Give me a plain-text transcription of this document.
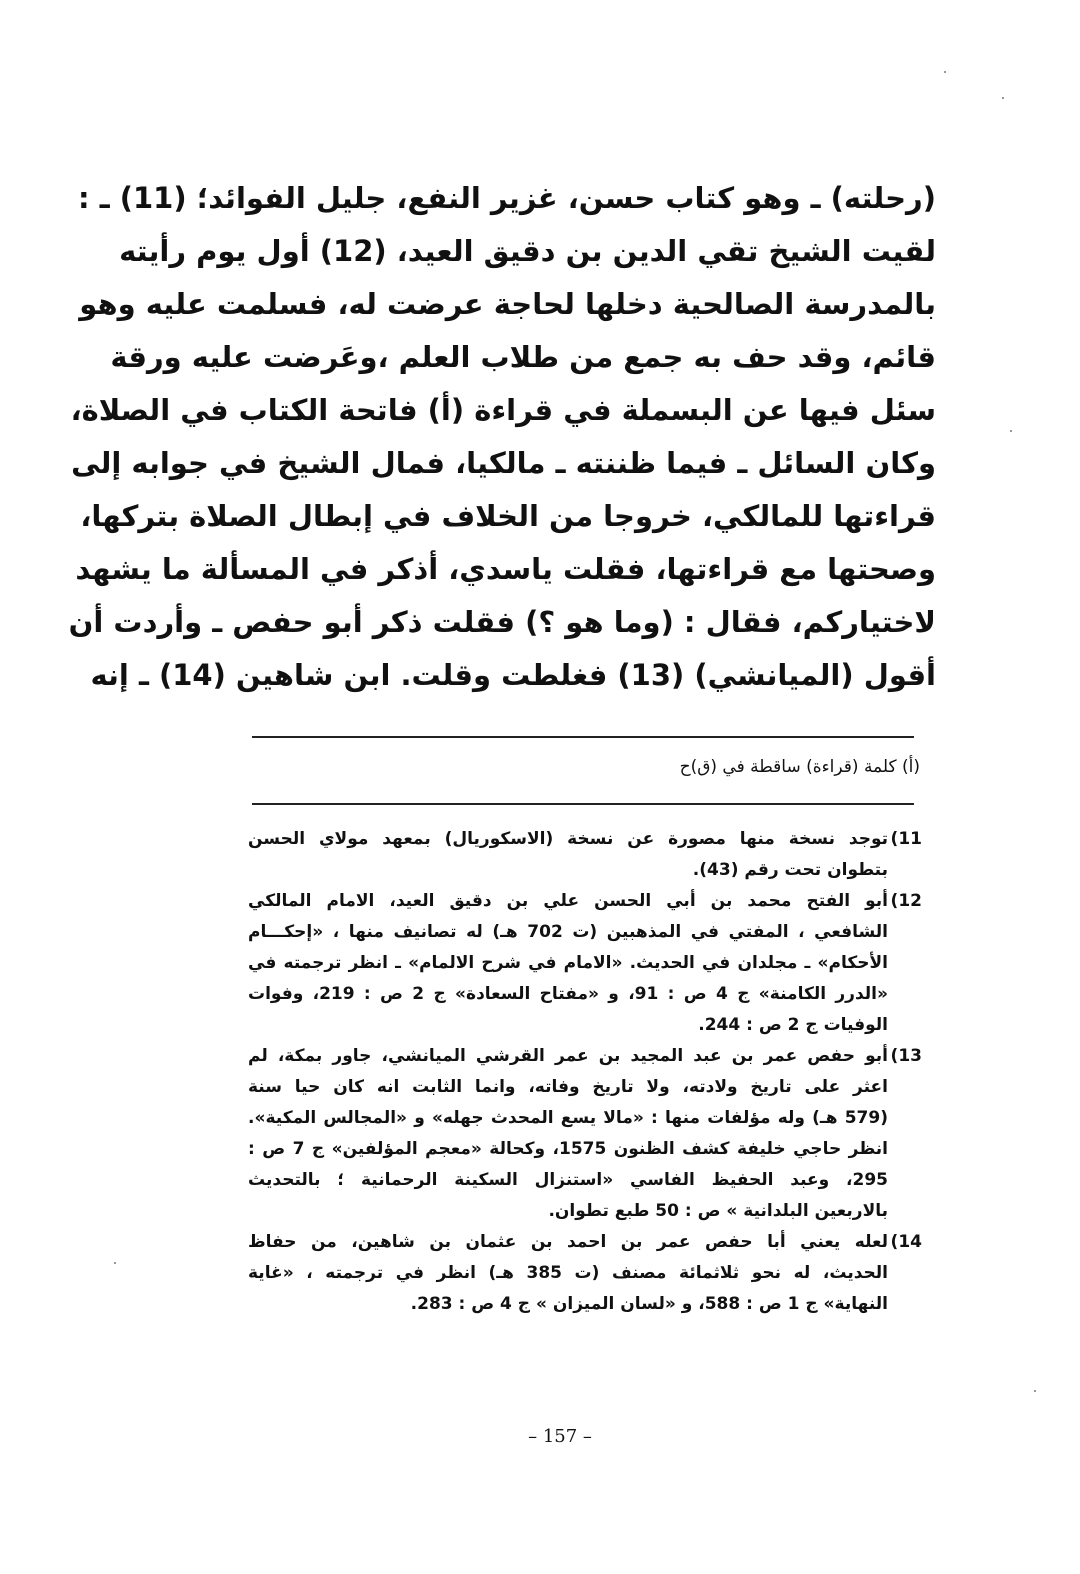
(رحلته) ـ وهو كتاب حسن، غزير النفع، جليل الفوائد؛ (11) ـ :
لقيت الشيخ تقي الدين بن دقيق العيد، (12) أول يوم رأيته
بالمدرسة الصالحية دخلها لحاجة عرضت له، فسلمت عليه وهو
قائم، وقد حف به جمع من طلاب العلم ،وعَرضت عليه ورقة
سئل فيها عن البسملة في قراءة (أ) فاتحة الكتاب في الصلاة،
وكان السائل ـ فيما ظننته ـ مالكيا، فمال الشيخ في جوابه إلى
قراءتها للمالكي، خروجا من الخلاف في إبطال الصلاة بتركها،
وصحتها مع قراءتها، فقلت ياسدي، أذكر في المسألة ما يشهد
لاختياركم، فقال : (وما هو ؟) فقلت ذكر أبو حفص ـ وأردت أن
أقول (الميانشي) (13) فغلطت وقلت. ابن شاهين (14) ـ إنه
(أ) كلمة (قراءة) ساقطة في (ق)ح
11)
توجد نسخة منها مصورة عن نسخة (الاسكوريال) بمعهد مولاي الحسن
بتطوان تحت رقم (43).
12)
أبو الفتح محمد بن أبي الحسن علي بن دقيق العيد، الامام المالكي
الشافعي ، المفتي في المذهبين (ت 702 هـ) له تصانيف منها ، «إحكـــام
الأحكام» ـ مجلدان في الحديث. «الامام في شرح الالمام» ـ انظر ترجمته في
«الدرر الكامنة» ج 4 ص : 91، و «مفتاح السعادة» ج 2 ص : 219، وفوات
الوفيات ج 2 ص : 244.
13)
أبو حفص عمر بن عبد المجيد بن عمر القرشي الميانشي، جاور بمكة، لم
اعثر على تاريخ ولادته، ولا تاريخ وفاته، وانما الثابت انه كان حيا سنة
(579 هـ) وله مؤلفات منها : «مالا يسع المحدث جهله» و «المجالس المكية».
انظر حاجي خليفة كشف الظنون 1575، وكحالة «معجم المؤلفين» ج 7 ص :
295، وعبد الحفيظ الفاسي «استنزال السكينة الرحمانية ؛ بالتحديث
بالاربعين البلدانية » ص : 50 طبع تطوان.
14)
لعله يعني أبا حفص عمر بن احمد بن عثمان بن شاهين، من حفاظ
الحديث، له نحو ثلاثمائة مصنف (ت 385 هـ) انظر في ترجمته ، «غاية
النهاية» ج 1 ص : 588، و «لسان الميزان » ج 4 ص : 283.
– 157 –
